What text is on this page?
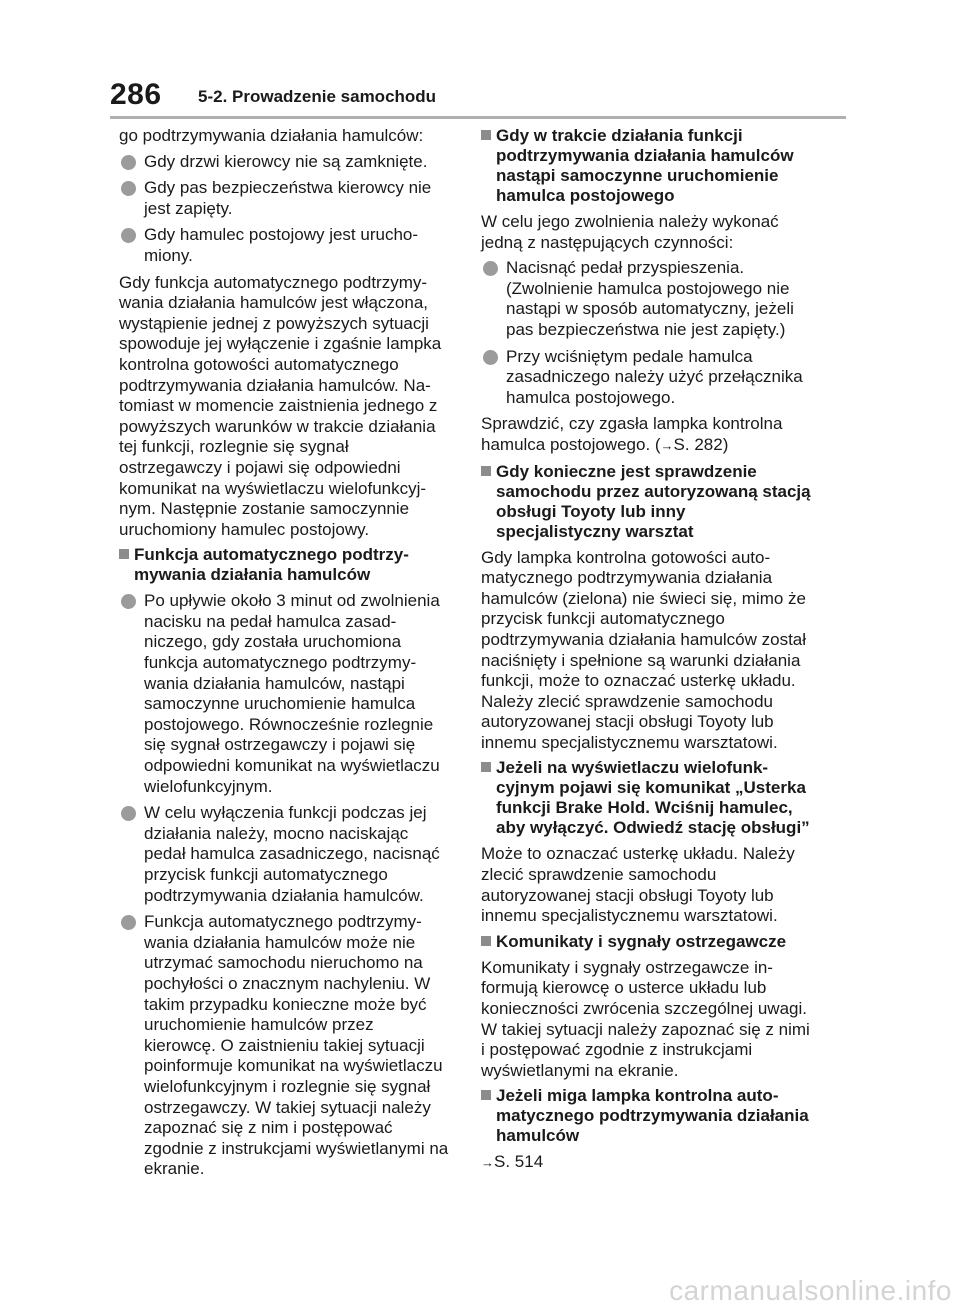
286 5-2. Prowadzenie samochodu

go podtrzymywania działania hamulców:

Gdy drzwi kierowcy nie są zamknięte.
Gdy pas bezpieczeństwa kierowcy nie jest zapięty.
Gdy hamulec postojowy jest uruchomiony.

Gdy funkcja automatycznego podtrzymywania działania hamulców jest włączona, wystąpienie jednej z powyższych sytuacji spowoduje jej wyłączenie i zgaśnie lampka kontrolna gotowości automatycznego podtrzymywania działania hamulców. Natomiast w momencie zaistnienia jednego z powyższych warunków w trakcie działania tej funkcji, rozlegnie się sygnał ostrzegawczy i pojawi się odpowiedni komunikat na wyświetlaczu wielofunkcyjnym. Następnie zostanie samoczynnie uruchomiony hamulec postojowy.

Funkcja automatycznego podtrzymywania działania hamulców
Po upływie około 3 minut od zwolnienia nacisku na pedał hamulca zasadniczego, gdy została uruchomiona funkcja automatycznego podtrzymywania działania hamulców, nastąpi samoczynne uruchomienie hamulca postojowego. Równocześnie rozlegnie się sygnał ostrzegawczy i pojawi się odpowiedni komunikat na wyświetlaczu wielofunkcyjnym.
W celu wyłączenia funkcji podczas jej działania należy, mocno naciskając pedał hamulca zasadniczego, nacisnąć przycisk funkcji automatycznego podtrzymywania działania hamulców.
Funkcja automatycznego podtrzymywania działania hamulców może nie utrzymać samochodu nieruchomo na pochyłości o znacznym nachyleniu. W takim przypadku konieczne może być uruchomienie hamulców przez kierowcę. O zaistnieniu takiej sytuacji poinformuje komunikat na wyświetlaczu wielofunkcyjnym i rozlegnie się sygnał ostrzegawczy. W takiej sytuacji należy zapoznać się z nim i postępować zgodnie z instrukcjami wyświetlanymi na ekranie.
Gdy w trakcie działania funkcji podtrzymywania działania hamulców nastąpi samoczynne uruchomienie hamulca postojowego

W celu jego zwolnienia należy wykonać jedną z następujących czynności:

Nacisnąć pedał przyspieszenia. (Zwolnienie hamulca postojowego nie nastąpi w sposób automatyczny, jeżeli pas bezpieczeństwa nie jest zapięty.)
Przy wciśniętym pedale hamulca zasadniczego należy użyć przełącznika hamulca postojowego.

Sprawdzić, czy zgasła lampka kontrolna hamulca postojowego. (→S. 282)

Gdy konieczne jest sprawdzenie samochodu przez autoryzowaną stacją obsługi Toyoty lub inny specjalistyczny warsztat

Gdy lampka kontrolna gotowości automatycznego podtrzymywania działania hamulców (zielona) nie świeci się, mimo że przycisk funkcji automatycznego podtrzymywania działania hamulców został naciśnięty i spełnione są warunki działania funkcji, może to oznaczać usterkę układu. Należy zlecić sprawdzenie samochodu autoryzowanej stacji obsługi Toyoty lub innemu specjalistycznemu warsztatowi.

Jeżeli na wyświetlaczu wielofunkcyjnym pojawi się komunikat „Usterka funkcji Brake Hold. Wciśnij hamulec, aby wyłączyć. Odwiedź stację obsługi”

Może to oznaczać usterkę układu. Należy zlecić sprawdzenie samochodu autoryzowanej stacji obsługi Toyoty lub innemu specjalistycznemu warsztatowi.

Komunikaty i sygnały ostrzegawcze

Komunikaty i sygnały ostrzegawcze informują kierowcę o usterce układu lub konieczności zwrócenia szczególnej uwagi. W takiej sytuacji należy zapoznać się z nimi i postępować zgodnie z instrukcjami wyświetlanymi na ekranie.

Jeżeli miga lampka kontrolna automatycznego podtrzymywania działania hamulców

→S. 514

carmanualsonline.info
